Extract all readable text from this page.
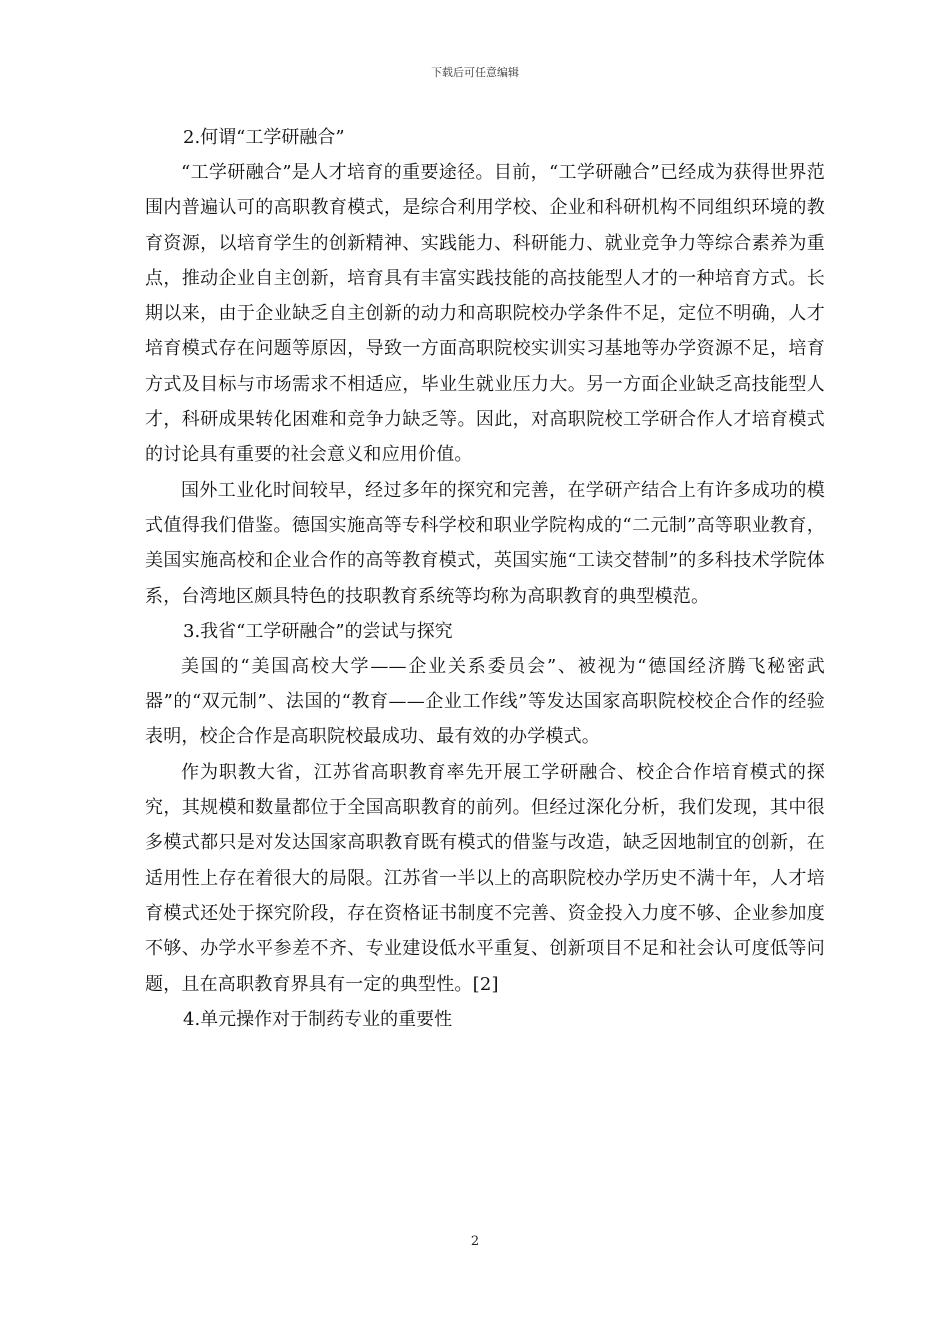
下载后可任意编辑

2.何谓“工学研融合”

“工学研融合”是人才培育的重要途径。目前，“工学研融合”已经成为获得世界范围内普遍认可的高职教育模式，是综合利用学校、企业和科研机构不同组织环境的教育资源，以培育学生的创新精神、实践能力、科研能力、就业竞争力等综合素养为重点，推动企业自主创新，培育具有丰富实践技能的高技能型人才的一种培育方式。长期以来，由于企业缺乏自主创新的动力和高职院校办学条件不足，定位不明确，人才培育模式存在问题等原因，导致一方面高职院校实训实习基地等办学资源不足，培育方式及目标与市场需求不相适应，毕业生就业压力大。另一方面企业缺乏高技能型人才，科研成果转化困难和竞争力缺乏等。因此，对高职院校工学研合作人才培育模式的讨论具有重要的社会意义和应用价值。

国外工业化时间较早，经过多年的探究和完善，在学研产结合上有许多成功的模式值得我们借鉴。德国实施高等专科学校和职业学院构成的“二元制”高等职业教育，美国实施高校和企业合作的高等教育模式，英国实施“工读交替制”的多科技术学院体系，台湾地区颇具特色的技职教育系统等均称为高职教育的典型模范。

3.我省“工学研融合”的尝试与探究

美国的“美国高校大学——企业关系委员会”、被视为“德国经济腾飞秘密武器”的“双元制”、法国的“教育——企业工作线”等发达国家高职院校校企合作的经验表明，校企合作是高职院校最成功、最有效的办学模式。

作为职教大省，江苏省高职教育率先开展工学研融合、校企合作培育模式的探究，其规模和数量都位于全国高职教育的前列。但经过深化分析，我们发现，其中很多模式都只是对发达国家高职教育既有模式的借鉴与改造，缺乏因地制宜的创新，在适用性上存在着很大的局限。江苏省一半以上的高职院校办学历史不满十年，人才培育模式还处于探究阶段，存在资格证书制度不完善、资金投入力度不够、企业参加度不够、办学水平参差不齐、专业建设低水平重复、创新项目不足和社会认可度低等问题，且在高职教育界具有一定的典型性。[2]

4.单元操作对于制药专业的重要性

2
